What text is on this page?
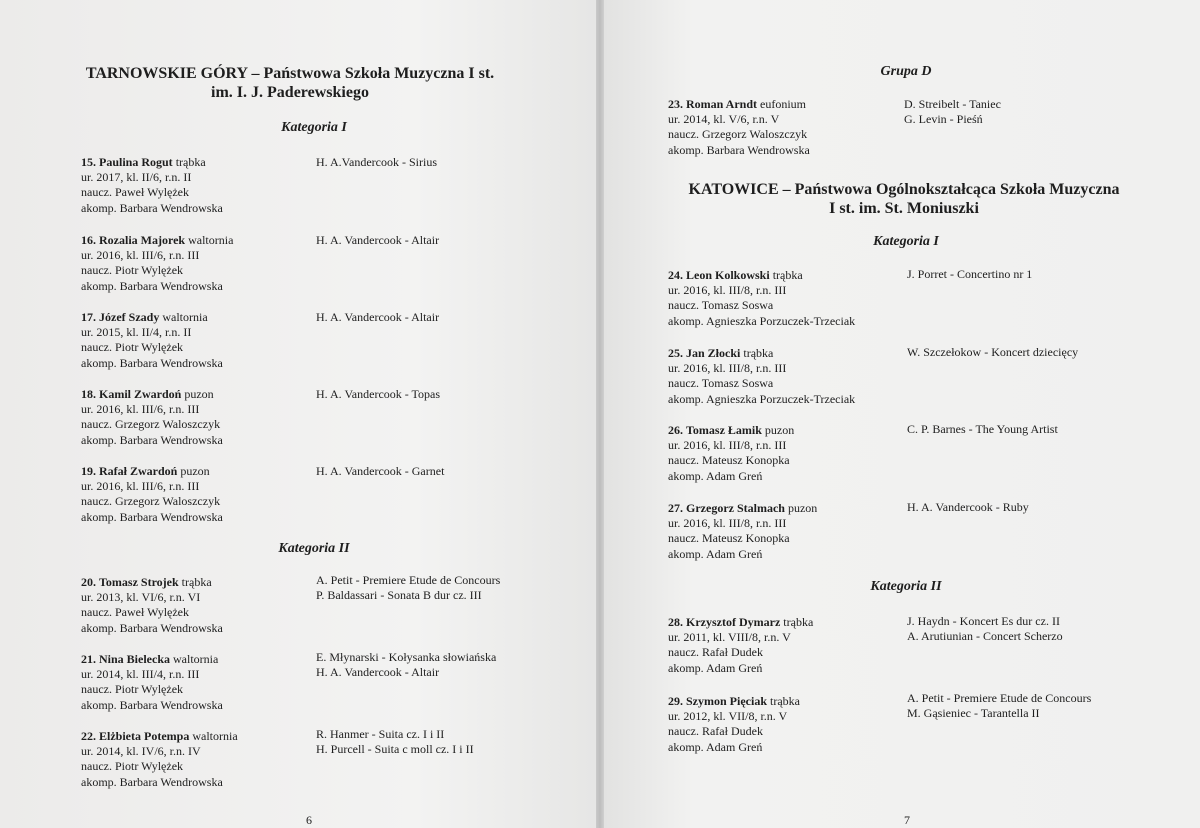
TARNOWSKIE GÓRY – Państwowa Szkoła Muzyczna I st.
im. I. J. Paderewskiego
Kategoria I
15. Paulina Rogut trąbka
ur. 2017, kl. II/6, r.n. II
naucz. Paweł Wylężek
akomp. Barbara Wendrowska
H. A.Vandercook - Sirius
16. Rozalia Majorek waltornia
ur. 2016, kl. III/6, r.n. III
naucz. Piotr Wylężek
akomp. Barbara Wendrowska
H. A. Vandercook - Altair
17. Józef Szady waltornia
ur. 2015, kl. II/4, r.n. II
naucz. Piotr Wylężek
akomp. Barbara Wendrowska
H. A. Vandercook - Altair
18. Kamil Zwardoń puzon
ur. 2016, kl. III/6, r.n. III
naucz. Grzegorz Waloszczyk
akomp. Barbara Wendrowska
H. A. Vandercook - Topas
19. Rafał Zwardoń puzon
ur. 2016, kl. III/6, r.n. III
naucz. Grzegorz Waloszczyk
akomp. Barbara Wendrowska
H. A. Vandercook - Garnet
Kategoria II
20. Tomasz Strojek trąbka
ur. 2013, kl. VI/6, r.n. VI
naucz. Paweł Wylężek
akomp. Barbara Wendrowska
A. Petit - Premiere Etude de Concours
P. Baldassari - Sonata B dur cz. III
21. Nina Bielecka waltornia
ur. 2014, kl. III/4, r.n. III
naucz. Piotr Wylężek
akomp. Barbara Wendrowska
E. Młynarski - Kołysanka słowiańska
H. A. Vandercook - Altair
22. Elżbieta Potempa waltornia
ur. 2014, kl. IV/6, r.n. IV
naucz. Piotr Wylężek
akomp. Barbara Wendrowska
R. Hanmer - Suita cz. I i II
H. Purcell - Suita c moll cz. I i II
6
Grupa D
23. Roman Arndt eufonium
ur. 2014, kl. V/6, r.n. V
naucz. Grzegorz Waloszczyk
akomp. Barbara Wendrowska
D. Streibelt - Taniec
G. Levin - Pieśń
KATOWICE – Państwowa Ogólnokształcąca Szkoła Muzyczna
I st. im. St. Moniuszki
Kategoria I
24. Leon Kolkowski trąbka
ur. 2016, kl. III/8, r.n. III
naucz. Tomasz Soswa
akomp. Agnieszka Porzuczek-Trzeciak
J. Porret - Concertino nr 1
25. Jan Złocki trąbka
ur. 2016, kl. III/8, r.n. III
naucz. Tomasz Soswa
akomp. Agnieszka Porzuczek-Trzeciak
W. Szczełokow - Koncert dziecięcy
26. Tomasz Łamik puzon
ur. 2016, kl. III/8, r.n. III
naucz. Mateusz Konopka
akomp. Adam Greń
C. P. Barnes - The Young Artist
27. Grzegorz Stalmach puzon
ur. 2016, kl. III/8, r.n. III
naucz. Mateusz Konopka
akomp. Adam Greń
H. A. Vandercook - Ruby
Kategoria II
28. Krzysztof Dymarz trąbka
ur. 2011, kl. VIII/8, r.n. V
naucz. Rafał Dudek
akomp. Adam Greń
J. Haydn - Koncert Es dur cz. II
A. Arutiunian - Concert Scherzo
29. Szymon Pięciak trąbka
ur. 2012, kl. VII/8, r.n. V
naucz. Rafał Dudek
akomp. Adam Greń
A. Petit - Premiere Etude de Concours
M. Gąsieniec - Tarantella II
7
